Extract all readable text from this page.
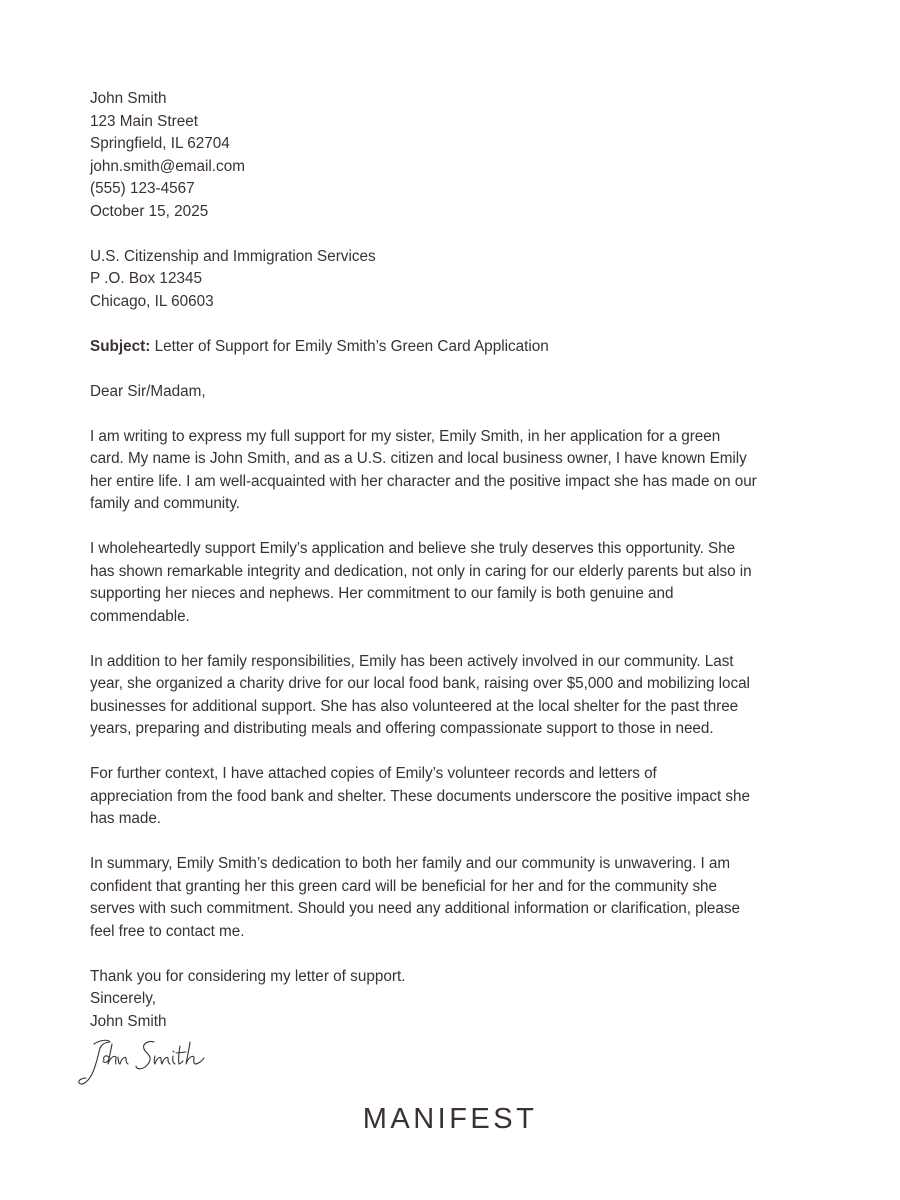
John Smith
123 Main Street
Springfield, IL 62704
john.smith@email.com
(555) 123-4567
October 15, 2025
U.S. Citizenship and Immigration Services
P .O. Box 12345
Chicago, IL 60603
Subject: Letter of Support for Emily Smith’s Green Card Application
Dear Sir/Madam,
I am writing to express my full support for my sister, Emily Smith, in her application for a green
card. My name is John Smith, and as a U.S. citizen and local business owner, I have known Emily
her entire life. I am well-acquainted with her character and the positive impact she has made on our
family and community.
I wholeheartedly support Emily’s application and believe she truly deserves this opportunity. She
has shown remarkable integrity and dedication, not only in caring for our elderly parents but also in
supporting her nieces and nephews. Her commitment to our family is both genuine and
commendable.
In addition to her family responsibilities, Emily has been actively involved in our community. Last
year, she organized a charity drive for our local food bank, raising over $5,000 and mobilizing local
businesses for additional support. She has also volunteered at the local shelter for the past three
years, preparing and distributing meals and offering compassionate support to those in need.
For further context, I have attached copies of Emily’s volunteer records and letters of
appreciation from the food bank and shelter. These documents underscore the positive impact she
has made.
In summary, Emily Smith’s dedication to both her family and our community is unwavering. I am
confident that granting her this green card will be beneficial for her and for the community she
serves with such commitment. Should you need any additional information or clarification, please
feel free to contact me.
Thank you for considering my letter of support.
Sincerely,
John Smith
MANIFEST
